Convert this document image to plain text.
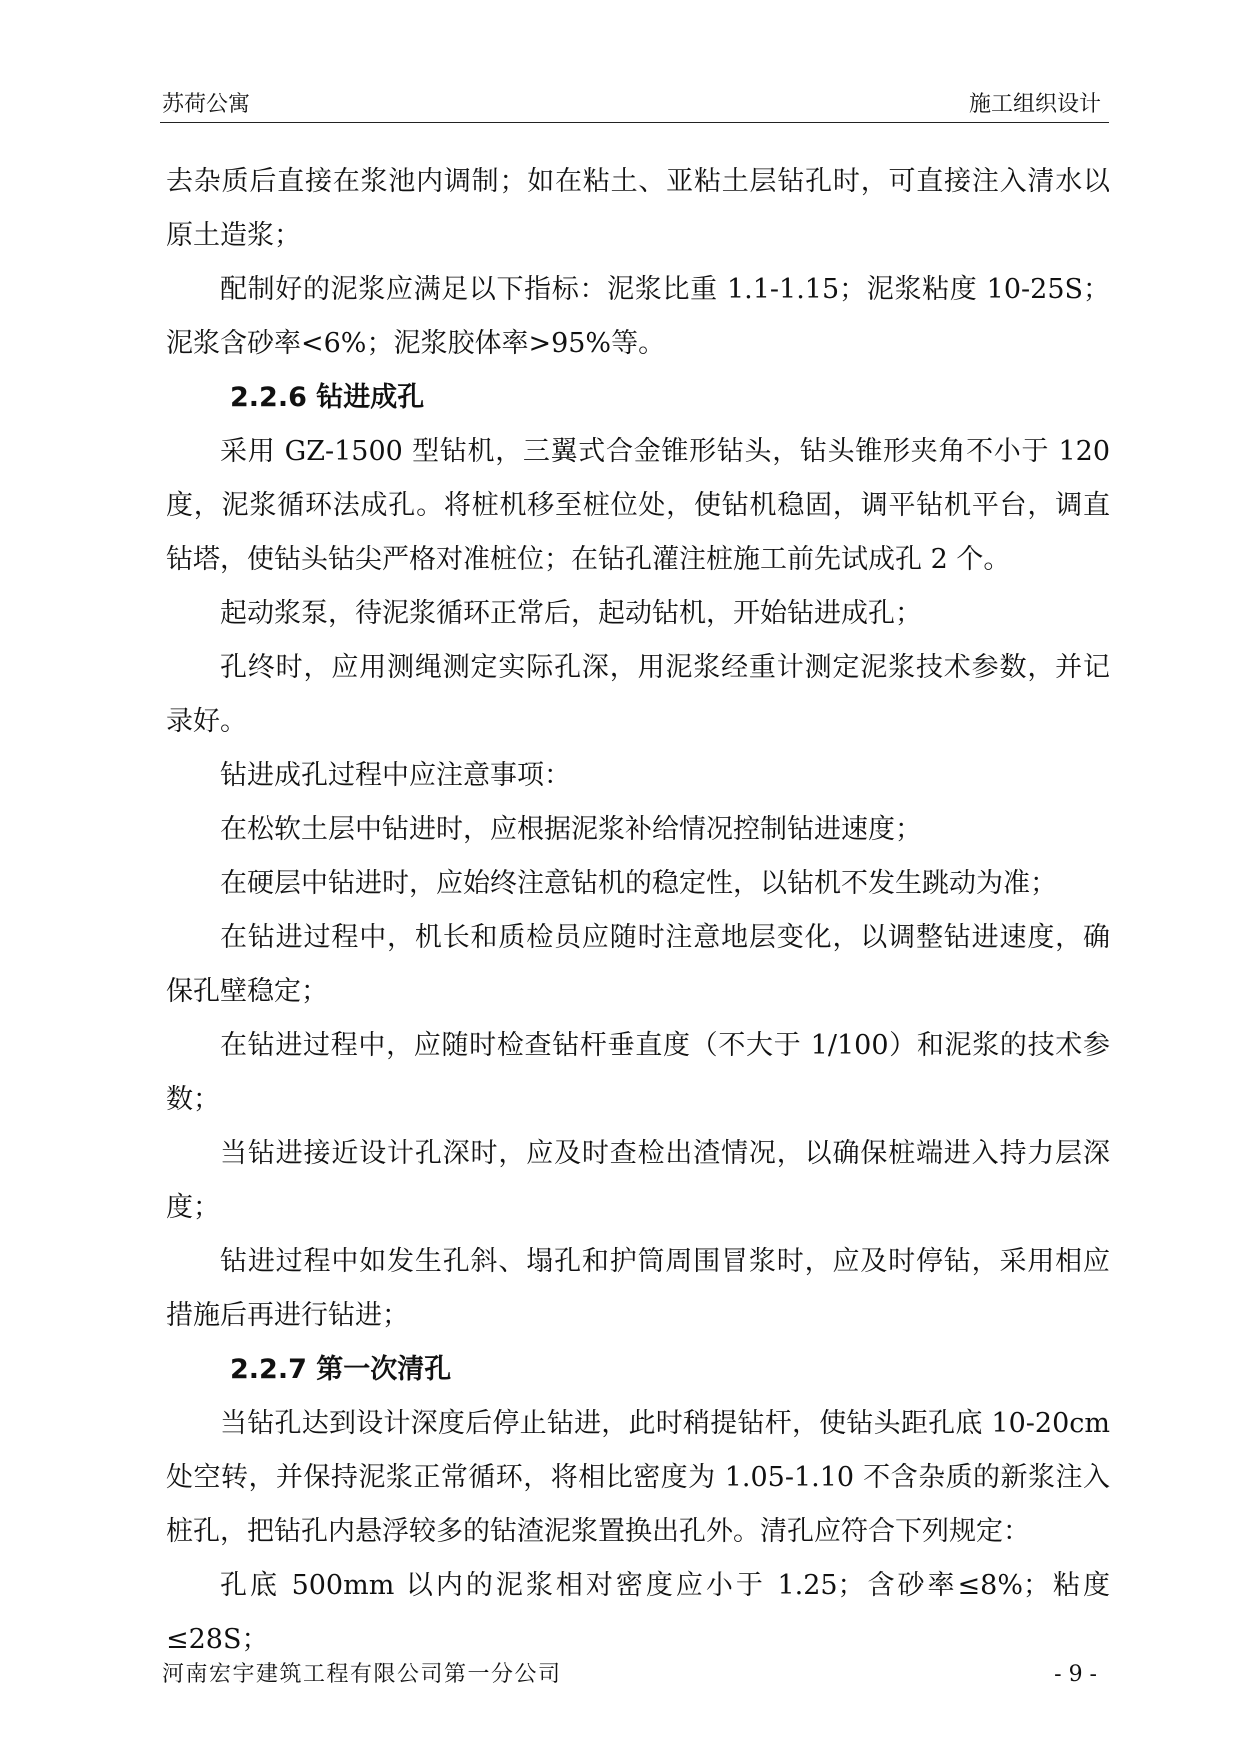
苏荷公寓	施工组织设计

去杂质后直接在浆池内调制；如在粘土、亚粘土层钻孔时，可直接注入清水以原土造浆；

配制好的泥浆应满足以下指标：泥浆比重 1.1-1.15；泥浆粘度 10-25S；泥浆含砂率<6%；泥浆胶体率>95%等。

2.2.6 钻进成孔

采用 GZ-1500 型钻机，三翼式合金锥形钻头，钻头锥形夹角不小于 120 度，泥浆循环法成孔。将桩机移至桩位处，使钻机稳固，调平钻机平台，调直钻塔，使钻头钻尖严格对准桩位；在钻孔灌注桩施工前先试成孔 2 个。

起动浆泵，待泥浆循环正常后，起动钻机，开始钻进成孔；

孔终时，应用测绳测定实际孔深，用泥浆经重计测定泥浆技术参数，并记录好。

钻进成孔过程中应注意事项：

在松软土层中钻进时，应根据泥浆补给情况控制钻进速度；

在硬层中钻进时，应始终注意钻机的稳定性，以钻机不发生跳动为准；

在钻进过程中，机长和质检员应随时注意地层变化，以调整钻进速度，确保孔壁稳定；

在钻进过程中，应随时检查钻杆垂直度（不大于 1/100）和泥浆的技术参数；

当钻进接近设计孔深时，应及时查检出渣情况，以确保桩端进入持力层深度；

钻进过程中如发生孔斜、塌孔和护筒周围冒浆时，应及时停钻，采用相应措施后再进行钻进；

2.2.7 第一次清孔

当钻孔达到设计深度后停止钻进，此时稍提钻杆，使钻头距孔底 10-20cm 处空转，并保持泥浆正常循环，将相比密度为 1.05-1.10 不含杂质的新浆注入桩孔，把钻孔内悬浮较多的钻渣泥浆置换出孔外。清孔应符合下列规定：

孔底 500mm 以内的泥浆相对密度应小于 1.25；含砂率≤8%；粘度≤28S；

河南宏宇建筑工程有限公司第一分公司	- 9 -
